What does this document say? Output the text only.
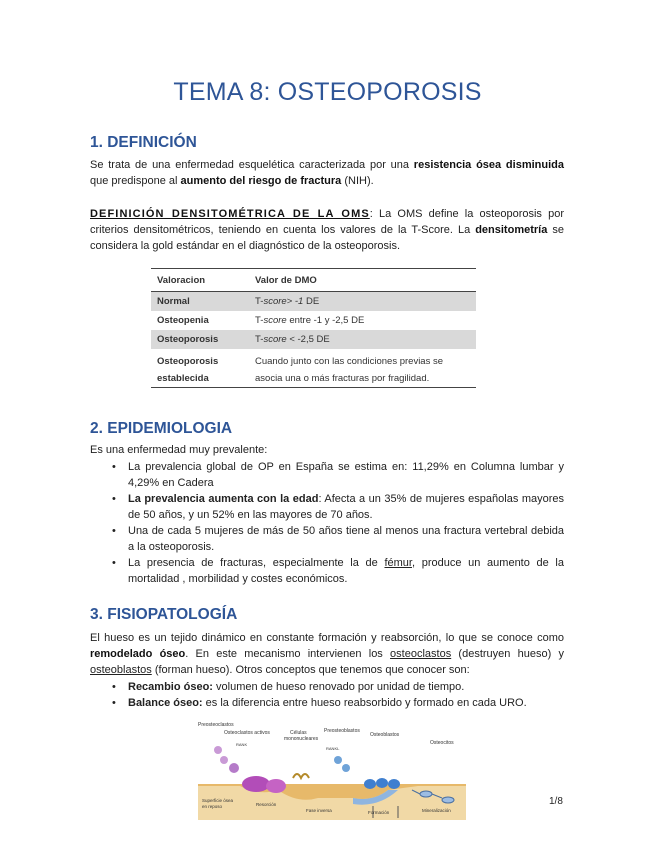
TEMA 8: OSTEOPOROSIS
1. DEFINICIÓN

Se trata de una enfermedad esquelética caracterizada por una resistencia ósea disminuida que predispone al aumento del riesgo de fractura (NIH).

DEFINICIÓN DENSITOMÉTRICA DE LA OMS: La OMS define la osteoporosis por criterios densitométricos, teniendo en cuenta los valores de la T-Score. La densitometría se considera la gold estándar en el diagnóstico de la osteoporosis.

Valoracion	Valor de DMO
Normal	T-score> -1 DE
Osteopenia	T-score entre -1 y -2,5 DE
Osteoporosis	T-score < -2,5 DE
Osteoporosis
establecida	Cuando junto con las condiciones previas se
asocia una o más fracturas por fragilidad.
2. EPIDEMIOLOGIA

Es una enfermedad muy prevalente:

• La prevalencia global de OP en España se estima en: 11,29% en Columna lumbar y 4,29% en Cadera
• La prevalencia aumenta con la edad: Afecta a un 35% de mujeres españolas mayores de 50 años, y un 52% en las mayores de 70 años.
• Una de cada 5 mujeres de más de 50 años tiene al menos una fractura vertebral debida a la osteoporosis.
• La presencia de fracturas, especialmente la de fémur, produce un aumento de la mortalidad , morbilidad y costes económicos.
3. FISIOPATOLOGÍA

El hueso es un tejido dinámico en constante formación y reabsorción, lo que se conoce como remodelado óseo. En este mecanismo intervienen los osteoclastos (destruyen hueso) y osteoblastos (forman hueso). Otros conceptos que tenemos que conocer son:

• Recambio óseo: volumen de hueso renovado por unidad de tiempo.
• Balance óseo: es la diferencia entre hueso reabsorbido y formado en cada URO.
Preosteoclastos
Osteoclastos activos	Células
mononucleares
Preosteoblastos
Osteoblastos
Osteocitos
RANK
RANKL
Superficie ósea
en reposo	Resorción
Fase inversa	Formación	Mineralización
1/8
